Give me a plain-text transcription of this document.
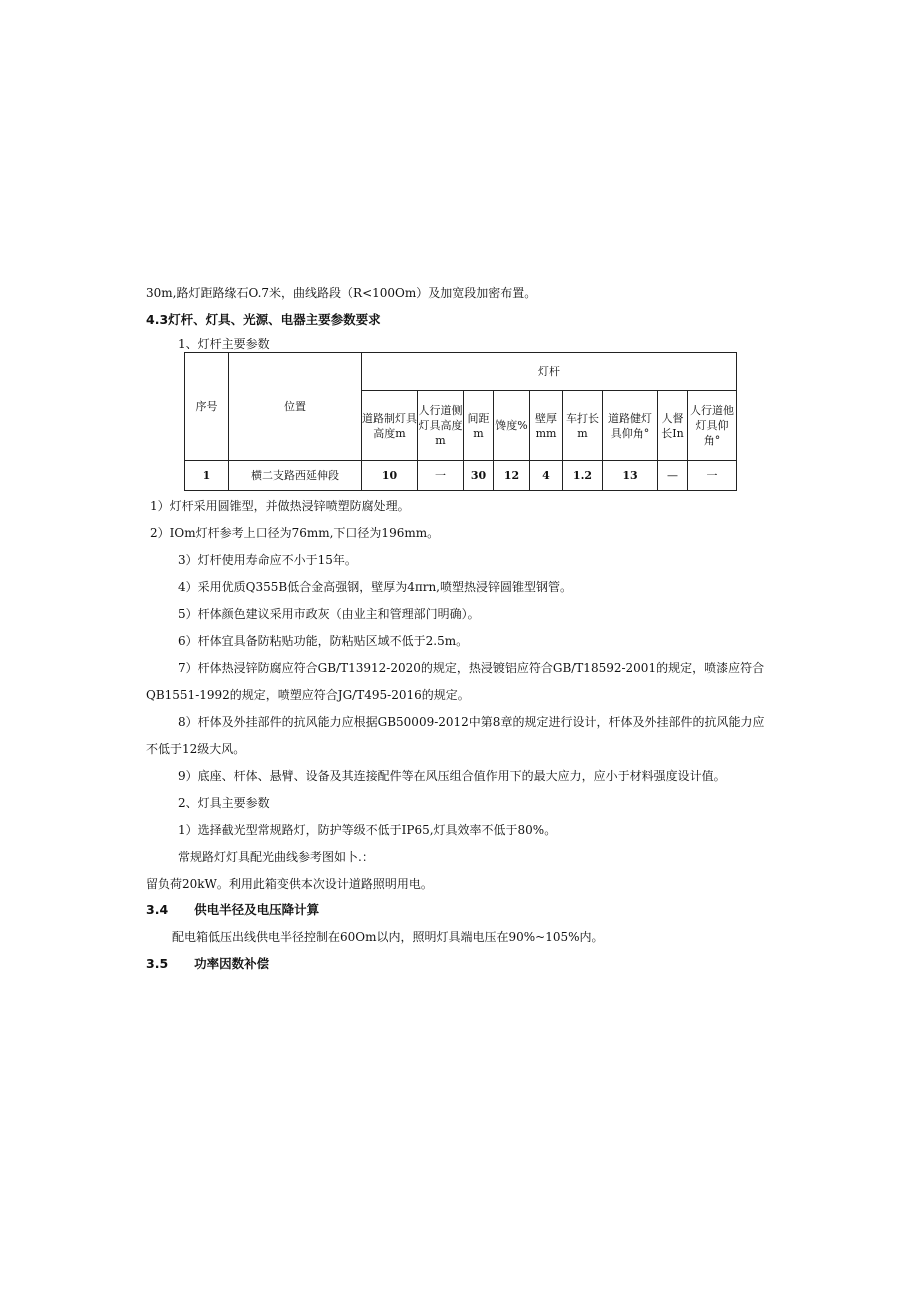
30m,路灯距路缘石O.7米，曲线路段（R<100Om）及加宽段加密布置。
4.3灯杆、灯具、光源、电器主要参数要求
1、灯杆主要参数
序号	位置	灯杆								
		道路制灯具高度m	人行道侧灯具高度m	间距m	馋度%	壁厚mm	车打长m	道路健灯具仰角°	人督长In	人行道他灯具仰角°
1	横二支路西延伸段	10	一	30	12	4	1.2	13	—	一
1）灯杆采用圆锥型，并做热浸锌喷塑防腐处理。
2）IOm灯杆参考上口径为76mm,下口径为196mm。
3）灯杆使用寿命应不小于15年。
4）采用优质Q355B低合金高强钢，壁厚为4πrn,喷塑热浸锌圆锥型钢管。
5）杆体颜色建议采用市政灰（由业主和管理部门明确）。
6）杆体宜具备防粘贴功能，防粘贴区域不低于2.5m。
7）杆体热浸锌防腐应符合GB/T13912-2020的规定，热浸镀铝应符合GB/T18592-2001的规定，喷漆应符合
QB1551-1992的规定，喷塑应符合JG/T495-2016的规定。
8）杆体及外挂部件的抗风能力应根据GB50009-2012中第8章的规定进行设计，杆体及外挂部件的抗风能力应
不低于12级大风。
9）底座、杆体、悬臂、设备及其连接配件等在风压组合值作用下的最大应力，应小于材料强度设计值。
2、灯具主要参数
1）选择截光型常规路灯，防护等级不低于IP65,灯具效率不低于80%。
常规路灯灯具配光曲线参考图如卜.：
留负荷20kW。利用此箱变供本次设计道路照明用电。
3.4 供电半径及电压降计算
配电箱低压出线供电半径控制在60Om以内，照明灯具端电压在90%~105%内。
3.5 功率因数补偿
